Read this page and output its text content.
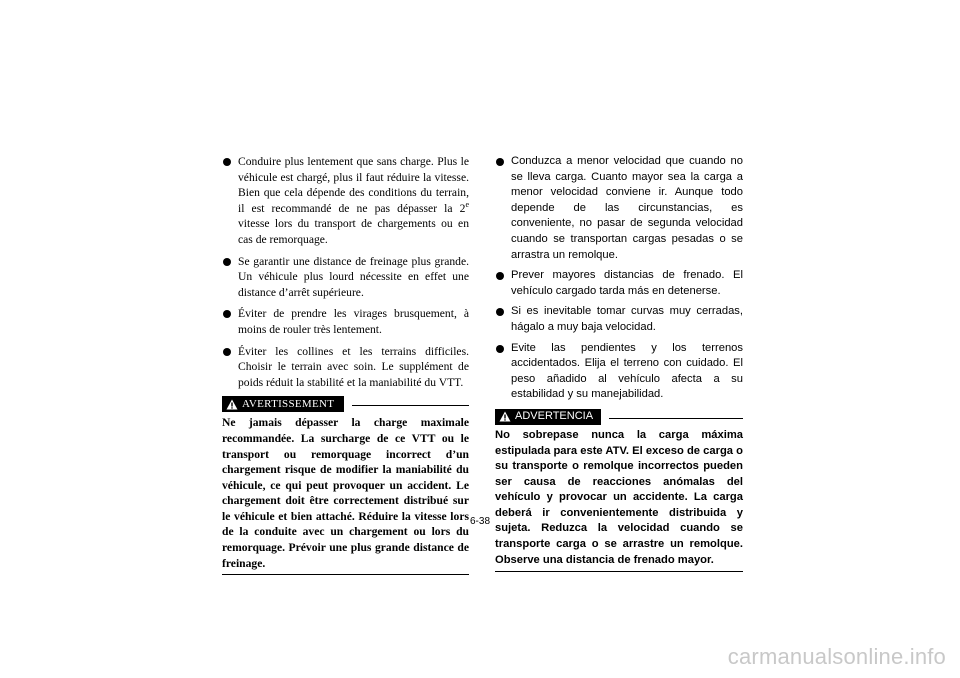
Conduire plus lentement que sans charge. Plus le véhicule est chargé, plus il faut réduire la vitesse. Bien que cela dépende des conditions du terrain, il est recommandé de ne pas dépasser la 2e vitesse lors du transport de chargements ou en cas de remorquage.
Se garantir une distance de freinage plus grande. Un véhicule plus lourd nécessite en effet une distance d’arrêt supérieure.
Éviter de prendre les virages brusquement, à moins de rouler très lentement.
Éviter les collines et les terrains difficiles. Choisir le terrain avec soin. Le supplément de poids réduit la stabilité et la maniabilité du VTT.
AVERTISSEMENT
Ne jamais dépasser la charge maximale recommandée. La surcharge de ce VTT ou le transport ou remorquage incorrect d’un chargement risque de modifier la maniabilité du véhicule, ce qui peut provoquer un accident. Le chargement doit être correctement distribué sur le véhicule et bien attaché. Réduire la vitesse lors de la conduite avec un chargement ou lors du remorquage. Prévoir une plus grande distance de freinage.
Conduzca a menor velocidad que cuando no se lleva carga. Cuanto mayor sea la carga a menor velocidad conviene ir. Aunque todo depende de las circunstancias, es conveniente, no pasar de segunda velocidad cuando se transportan cargas pesadas o se arrastra un remolque.
Prever mayores distancias de frenado. El vehículo cargado tarda más en detenerse.
Si es inevitable tomar curvas muy cerradas, hágalo a muy baja velocidad.
Evite las pendientes y los terrenos accidentados. Elija el terreno con cuidado. El peso añadido al vehículo afecta a su estabilidad y su manejabilidad.
ADVERTENCIA
No sobrepase nunca la carga máxima estipulada para este ATV. El exceso de carga o su transporte o remolque incorrectos pueden ser causa de reacciones anómalas del vehículo y provocar un accidente. La carga deberá ir convenientemente distribuida y sujeta. Reduzca la velocidad cuando se transporte carga o se arrastre un remolque. Observe una distancia de frenado mayor.
6-38
carmanualsonline.info
